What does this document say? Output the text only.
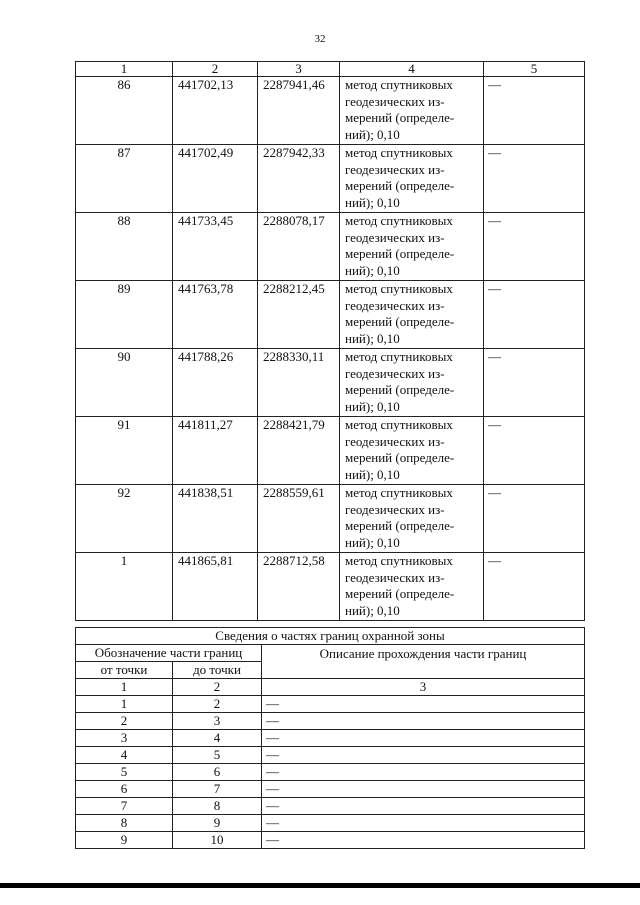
32
1	2	3	4	5
86	441702,13	2287941,46	метод спутниковых
геодезических из-
мерений (определе-
ний); 0,10	—
87	441702,49	2287942,33	метод спутниковых
геодезических из-
мерений (определе-
ний); 0,10	—
88	441733,45	2288078,17	метод спутниковых
геодезических из-
мерений (определе-
ний); 0,10	—
89	441763,78	2288212,45	метод спутниковых
геодезических из-
мерений (определе-
ний); 0,10	—
90	441788,26	2288330,11	метод спутниковых
геодезических из-
мерений (определе-
ний); 0,10	—
91	441811,27	2288421,79	метод спутниковых
геодезических из-
мерений (определе-
ний); 0,10	—
92	441838,51	2288559,61	метод спутниковых
геодезических из-
мерений (определе-
ний); 0,10	—
1	441865,81	2288712,58	метод спутниковых
геодезических из-
мерений (определе-
ний); 0,10	—
Сведения о частях границ охранной зоны		
Обозначение части границ		Описание прохождения части границ
от точки	до точки	
1	2	3
1	2	—
2	3	—
3	4	—
4	5	—
5	6	—
6	7	—
7	8	—
8	9	—
9	10	—
